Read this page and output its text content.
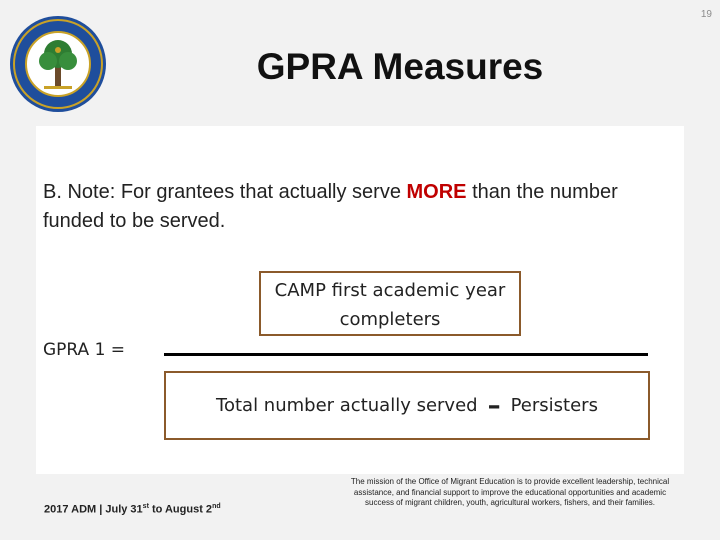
19
GPRA Measures
B. Note: For grantees that actually serve MORE than the number funded to be served.
CAMP first academic year completers
GPRA 1 =
Total number actually served – Persisters
2017 ADM | July 31st to August 2nd
The mission of the Office of Migrant Education is to provide excellent leadership, technical assistance, and financial support to improve the educational opportunities and academic success of migrant children, youth, agricultural workers, fishers, and their families.
